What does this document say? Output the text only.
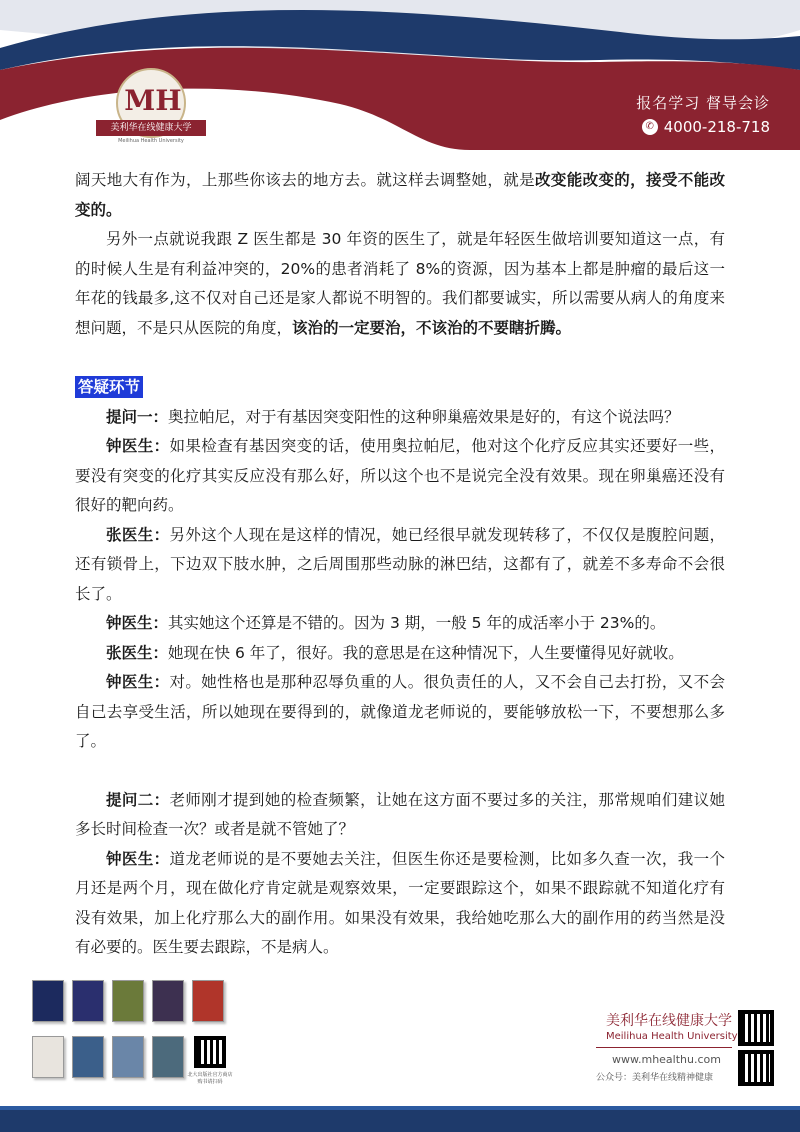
MH
美利华在线健康大学
Meilihua Health University
报名学习 督导会诊
✆ 4000-218-718

阔天地大有作为，上那些你该去的地方去。就这样去调整她，就是改变能改变的，接受不能改变的。

另外一点就说我跟 Z 医生都是 30 年资的医生了，就是年轻医生做培训要知道这一点，有的时候人生是有利益冲突的，20%的患者消耗了 8%的资源，因为基本上都是肿瘤的最后这一年花的钱最多,这不仅对自己还是家人都说不明智的。我们都要诚实，所以需要从病人的角度来想问题，不是只从医院的角度，该治的一定要治，不该治的不要瞎折腾。

答疑环节

提问一：奥拉帕尼，对于有基因突变阳性的这种卵巢癌效果是好的，有这个说法吗？

钟医生：如果检查有基因突变的话，使用奥拉帕尼，他对这个化疗反应其实还要好一些，要没有突变的化疗其实反应没有那么好，所以这个也不是说完全没有效果。现在卵巢癌还没有很好的靶向药。

张医生：另外这个人现在是这样的情况，她已经很早就发现转移了，不仅仅是腹腔问题，还有锁骨上，下边双下肢水肿，之后周围那些动脉的淋巴结，这都有了，就差不多寿命不会很长了。

钟医生：其实她这个还算是不错的。因为 3 期，一般 5 年的成活率小于 23%的。

张医生：她现在快 6 年了，很好。我的意思是在这种情况下，人生要懂得见好就收。

钟医生：对。她性格也是那种忍辱负重的人。很负责任的人，又不会自己去打扮，又不会自己去享受生活，所以她现在要得到的，就像道龙老师说的，要能够放松一下，不要想那么多了。

提问二：老师刚才提到她的检查频繁，让她在这方面不要过多的关注，那常规咱们建议她多长时间检查一次？或者是就不管她了？

钟医生：道龙老师说的是不要她去关注，但医生你还是要检测，比如多久查一次，我一个月还是两个月，现在做化疗肯定就是观察效果，一定要跟踪这个，如果不跟踪就不知道化疗有没有效果，加上化疗那么大的副作用。如果没有效果，我给她吃那么大的副作用的药当然是没有必要的。医生要去跟踪，不是病人。

北大出版社官方商店 购书请扫码
美利华在线健康大学
Meilihua Health University
www.mhealthu.com
公众号：美利华在线精神健康
